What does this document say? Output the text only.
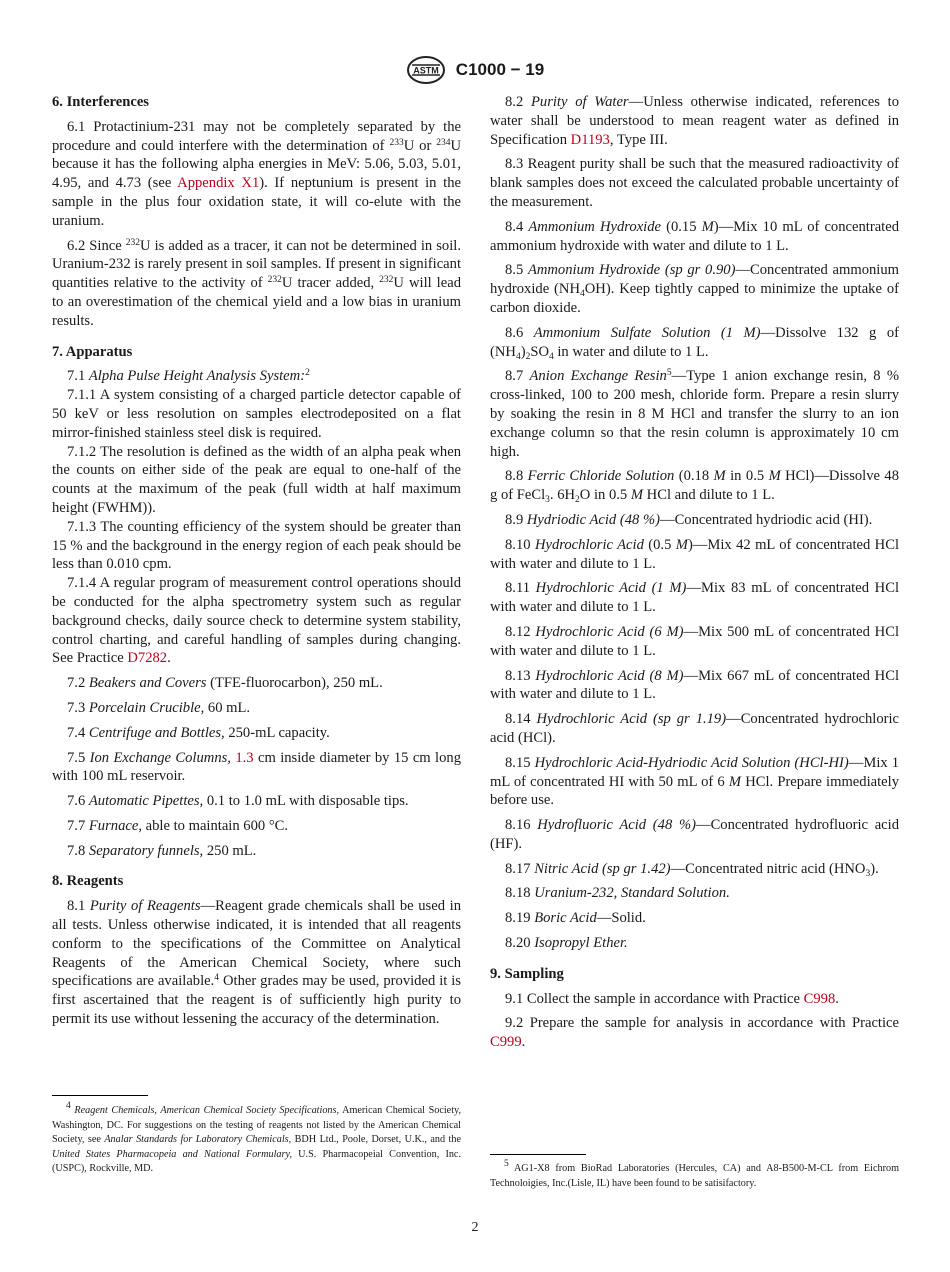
ASTM C1000 − 19
6. Interferences

6.1 Protactinium-231 may not be completely separated by the procedure and could interfere with the determination of $^{233}$U or $^{234}$U because it has the following alpha energies in MeV: 5.06, 5.03, 5.01, 4.95, and 4.73 (see Appendix X1). If neptunium is present in the sample in the plus four oxidation state, it will co-elute with the uranium.

6.2 Since $^{232}$U is added as a tracer, it can not be determined in soil. Uranium-232 is rarely present in soil samples. If present in significant quantities relative to the activity of $^{232}$U tracer added, $^{232}$U will lead to an overestimation of the chemical yield and a low bias in uranium results.

7. Apparatus

7.1 Alpha Pulse Height Analysis System:$^2$

7.1.1 A system consisting of a charged particle detector capable of 50 keV or less resolution on samples electrodeposited on a flat mirror-finished stainless steel disk is required.

7.1.2 The resolution is defined as the width of an alpha peak when the counts on either side of the peak are equal to one-half of the counts at the maximum of the peak (full width at half maximum height (FWHM)).

7.1.3 The counting efficiency of the system should be greater than 15 % and the background in the energy region of each peak should be less than 0.010 cpm.

7.1.4 A regular program of measurement control operations should be conducted for the alpha spectrometry system such as regular background checks, daily source check to determine system stability, control charting, and careful handling of samples during changing. See Practice D7282.

7.2 Beakers and Covers (TFE-fluorocarbon), 250 mL.

7.3 Porcelain Crucible, 60 mL.

7.4 Centrifuge and Bottles, 250-mL capacity.

7.5 Ion Exchange Columns, 1.3 cm inside diameter by 15 cm long with 100 mL reservoir.

7.6 Automatic Pipettes, 0.1 to 1.0 mL with disposable tips.

7.7 Furnace, able to maintain 600 °C.

7.8 Separatory funnels, 250 mL.

8. Reagents

8.1 Purity of Reagents—Reagent grade chemicals shall be used in all tests. Unless otherwise indicated, it is intended that all reagents conform to the specifications of the Committee on Analytical Reagents of the American Chemical Society, where such specifications are available.$^4$ Other grades may be used, provided it is first ascertained that the reagent is of sufficiently high purity to permit its use without lessening the accuracy of the determination.

$^4$ Reagent Chemicals, American Chemical Society Specifications, American Chemical Society, Washington, DC. For suggestions on the testing of reagents not listed by the American Chemical Society, see Analar Standards for Laboratory Chemicals, BDH Ltd., Poole, Dorset, U.K., and the United States Pharmacopeia and National Formulary, U.S. Pharmacopeial Convention, Inc. (USPC), Rockville, MD.

8.2 Purity of Water—Unless otherwise indicated, references to water shall be understood to mean reagent water as defined in Specification D1193, Type III.

8.3 Reagent purity shall be such that the measured radioactivity of blank samples does not exceed the calculated probable uncertainty of the measurement.

8.4 Ammonium Hydroxide (0.15 M)—Mix 10 mL of concentrated ammonium hydroxide with water and dilute to 1 L.

8.5 Ammonium Hydroxide (sp gr 0.90)—Concentrated ammonium hydroxide $(NH_4OH)$. Keep tightly capped to minimize the uptake of carbon dioxide.

8.6 Ammonium Sulfate Solution (1 M)—Dissolve 132 g of $(NH_4)_2SO_4$ in water and dilute to 1 L.

8.7 Anion Exchange Resin$^5$—Type 1 anion exchange resin, 8 % cross-linked, 100 to 200 mesh, chloride form. Prepare a resin slurry by soaking the resin in 8 M HCl and transfer the slurry to an ion exchange column so that the resin column is approximately 10 cm high.

8.8 Ferric Chloride Solution (0.18 M in 0.5 M HCl)—Dissolve 48 g of FeCl$_3$. $6H_2O$ in 0.5 M HCl and dilute to 1 L.

8.9 Hydriodic Acid (48 %)—Concentrated hydriodic acid (HI).

8.10 Hydrochloric Acid (0.5 M)—Mix 42 mL of concentrated HCl with water and dilute to 1 L.

8.11 Hydrochloric Acid (1 M)—Mix 83 mL of concentrated HCl with water and dilute to 1 L.

8.12 Hydrochloric Acid (6 M)—Mix 500 mL of concentrated HCl with water and dilute to 1 L.

8.13 Hydrochloric Acid (8 M)—Mix 667 mL of concentrated HCl with water and dilute to 1 L.

8.14 Hydrochloric Acid (sp gr 1.19)—Concentrated hydrochloric acid (HCl).

8.15 Hydrochloric Acid-Hydriodic Acid Solution (HCl-HI)—Mix 1 mL of concentrated HI with 50 mL of 6 M HCl. Prepare immediately before use.

8.16 Hydrofluoric Acid (48 %)—Concentrated hydrofluoric acid (HF).

8.17 Nitric Acid (sp gr 1.42)—Concentrated nitric acid $(HNO_3)$.

8.18 Uranium-232, Standard Solution.

8.19 Boric Acid—Solid.

8.20 Isopropyl Ether.

9. Sampling

9.1 Collect the sample in accordance with Practice C998.

9.2 Prepare the sample for analysis in accordance with Practice C999.

$^5$ AG1-X8 from BioRad Laboratories (Hercules, CA) and A8-B500-M-CL from Eichrom Technoloigies, Inc.(Lisle, IL) have been found to be satisifactory.

2
